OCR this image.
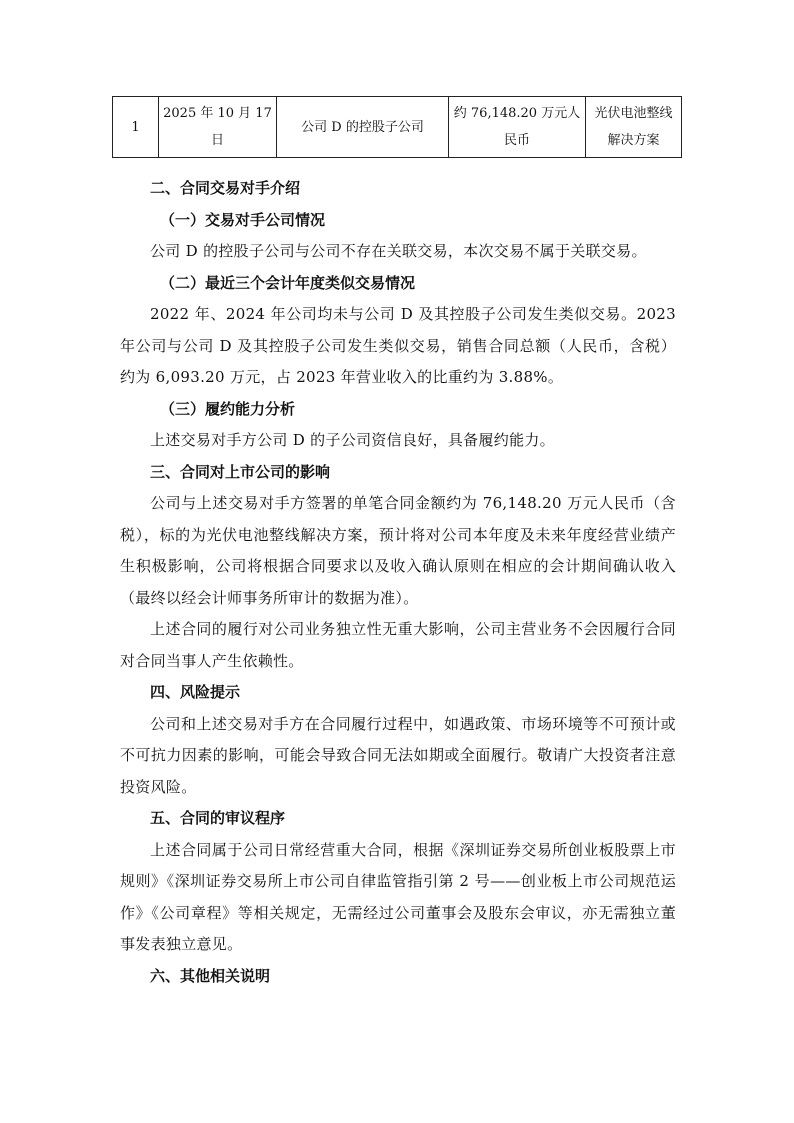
1	2025 年 10 月 17 日	公司 D 的控股子公司	约 76,148.20 万元人民币	光伏电池整线解决方案

二、合同交易对手介绍

（一）交易对手公司情况

公司 D 的控股子公司与公司不存在关联交易，本次交易不属于关联交易。

（二）最近三个会计年度类似交易情况

2022 年、2024 年公司均未与公司 D 及其控股子公司发生类似交易。2023 年公司与公司 D 及其控股子公司发生类似交易，销售合同总额（人民币，含税）约为 6,093.20 万元，占 2023 年营业收入的比重约为 3.88%。

（三）履约能力分析

上述交易对手方公司 D 的子公司资信良好，具备履约能力。

三、合同对上市公司的影响

公司与上述交易对手方签署的单笔合同金额约为 76,148.20 万元人民币（含税），标的为光伏电池整线解决方案，预计将对公司本年度及未来年度经营业绩产生积极影响，公司将根据合同要求以及收入确认原则在相应的会计期间确认收入（最终以经会计师事务所审计的数据为准）。

上述合同的履行对公司业务独立性无重大影响，公司主营业务不会因履行合同对合同当事人产生依赖性。

四、风险提示

公司和上述交易对手方在合同履行过程中，如遇政策、市场环境等不可预计或不可抗力因素的影响，可能会导致合同无法如期或全面履行。敬请广大投资者注意投资风险。

五、合同的审议程序

上述合同属于公司日常经营重大合同，根据《深圳证券交易所创业板股票上市规则》《深圳证券交易所上市公司自律监管指引第 2 号——创业板上市公司规范运作》《公司章程》等相关规定，无需经过公司董事会及股东会审议，亦无需独立董事发表独立意见。

六、其他相关说明
